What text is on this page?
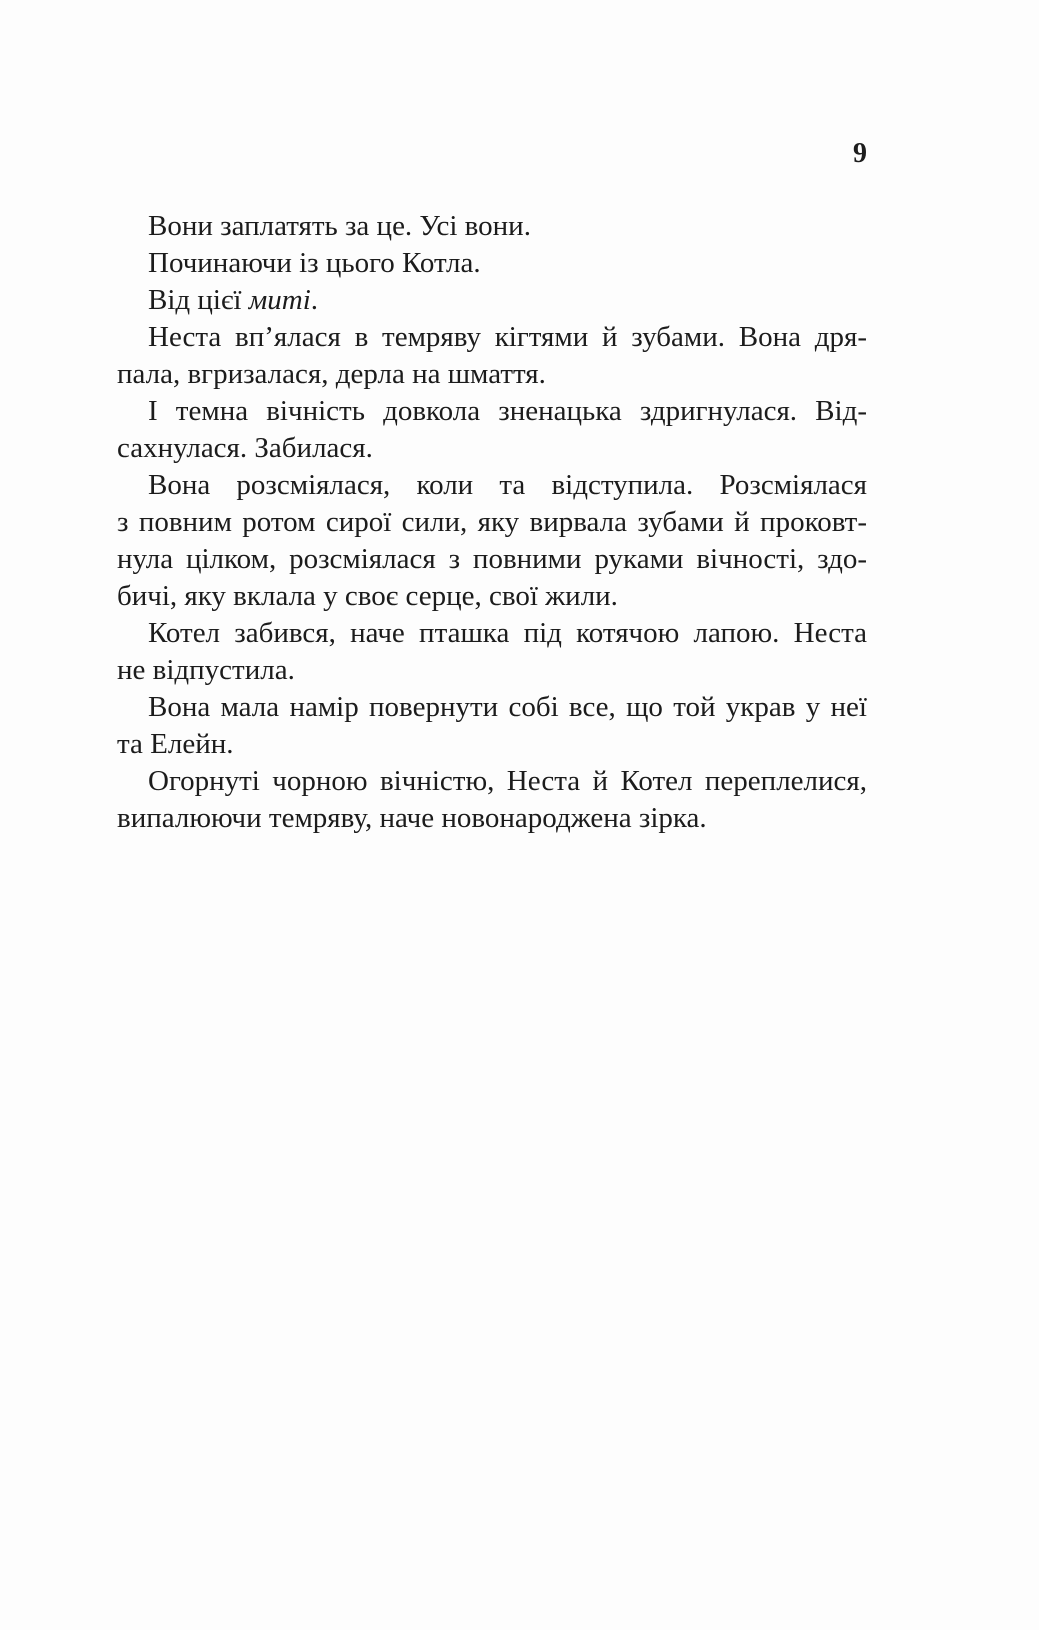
9
Вони заплатять за це. Усі вони.
Починаючи із цього Котла.
Від цієї миті.
Неста вп’ялася в темряву кігтями й зубами. Вона дря-
пала, вгризалася, дерла на шмаття.
І темна вічність довкола зненацька здригнулася. Від-
сахнулася. Забилася.
Вона розсміялася, коли та відступила. Розсміялася
з повним ротом сирої сили, яку вирвала зубами й проковт-
нула цілком, розсміялася з повними руками вічності, здо-
бичі, яку вклала у своє серце, свої жили.
Котел забився, наче пташка під котячою лапою. Неста
не відпустила.
Вона мала намір повернути собі все, що той украв у неї
та Елейн.
Огорнуті чорною вічністю, Неста й Котел переплелися,
випалюючи темряву, наче новонароджена зірка.
